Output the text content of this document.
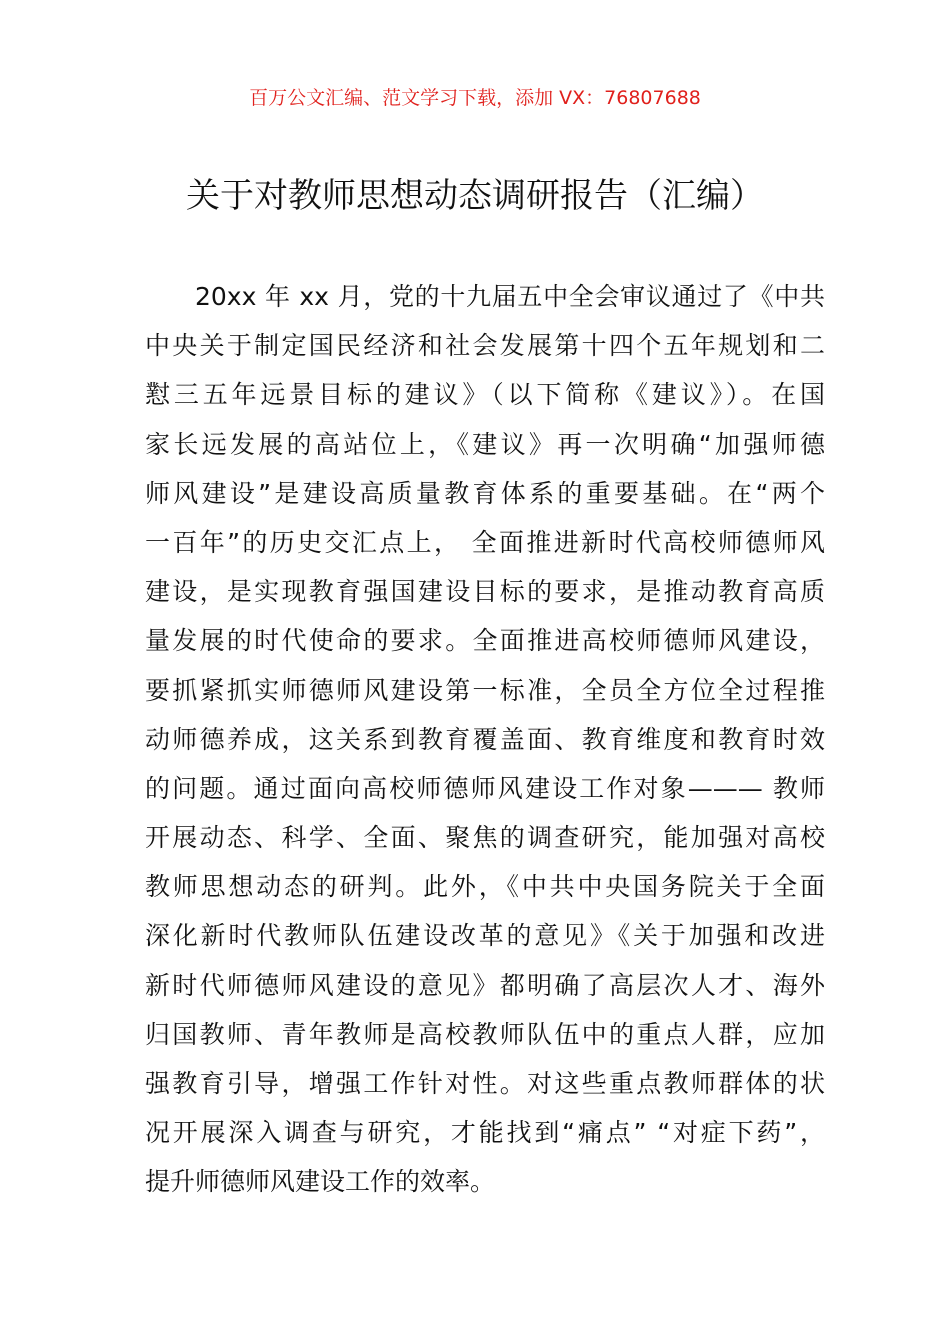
百万公文汇编、范文学习下载，添加 VX：76807688
关于对教师思想动态调研报告（汇编）
20xx 年 xx 月，党的十九届五中全会审议通过了《中共
中央关于制定国民经济和社会发展第十四个五年规划和二
懟三五年远景目标的建议》（以下简称《建议》）。在国
家长远发展的高站位上，《建议》再一次明确“加强师德
师风建设”是建设高质量教育体系的重要基础。在“两个
一百年”的历史交汇点上， 全面推进新时代高校师德师风
建设，是实现教育强国建设目标的要求，是推动教育高质
量发展的时代使命的要求。全面推进高校师德师风建设，
要抓紧抓实师德师风建设第一标准，全员全方位全过程推
动师德养成，这关系到教育覆盖面、教育维度和教育时效
的问题。通过面向高校师德师风建设工作对象——— 教师
开展动态、科学、全面、聚焦的调查研究，能加强对高校
教师思想动态的研判。此外，《中共中央国务院关于全面
深化新时代教师队伍建设改革的意见》《关于加强和改进
新时代师德师风建设的意见》都明确了高层次人才、海外
归国教师、青年教师是高校教师队伍中的重点人群，应加
强教育引导，增强工作针对性。对这些重点教师群体的状
况开展深入调查与研究，才能找到“痛点” “对症下药”，
提升师德师风建设工作的效率。
